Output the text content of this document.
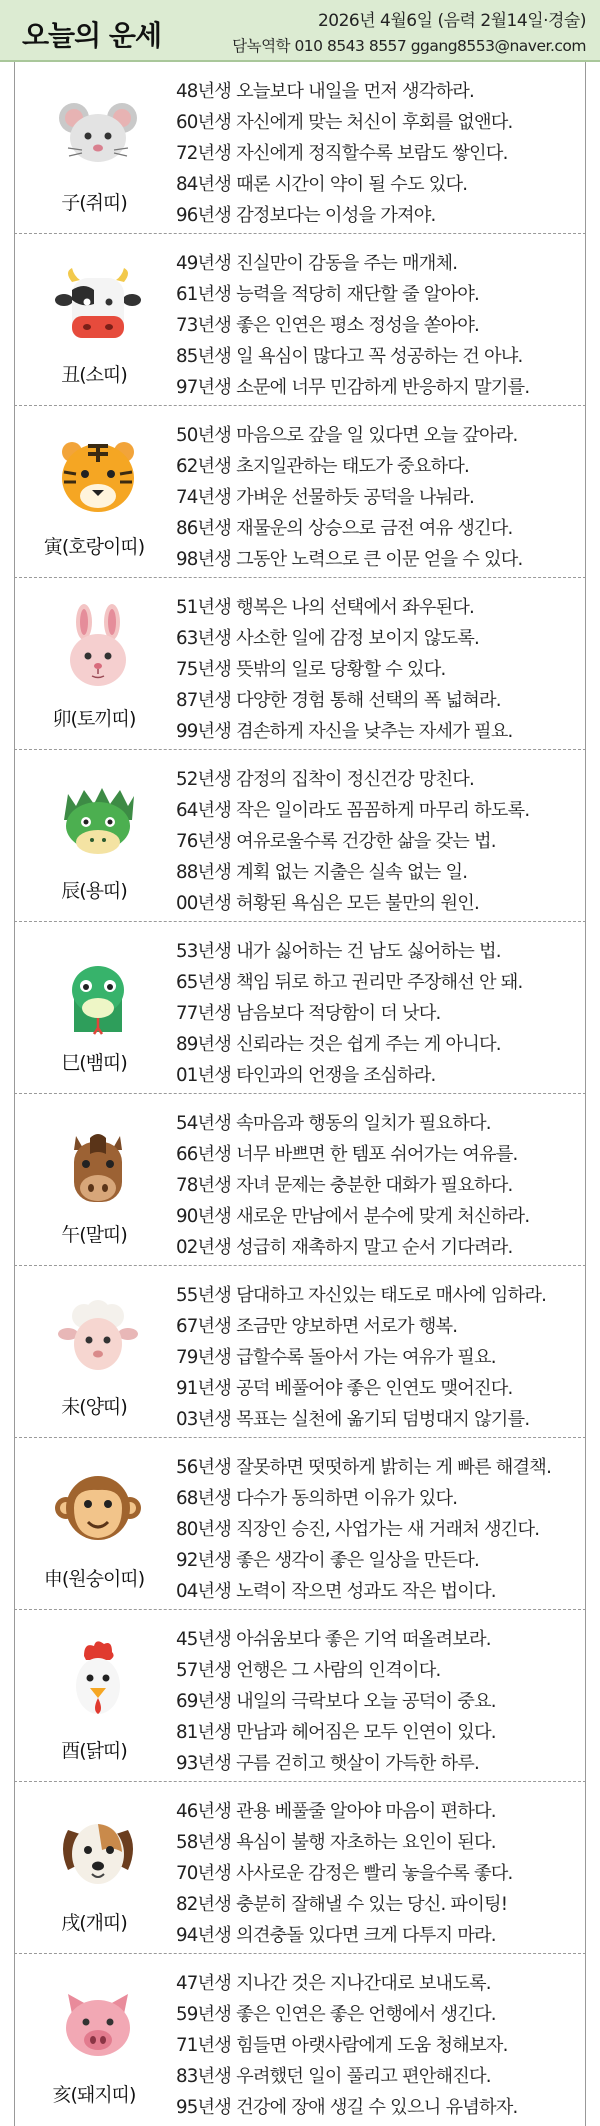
오늘의 운세	2026년 4월6일 (음력 2월14일·경술)
담녹역학 010 8543 8557 ggang8553@naver.com
子(쥐띠)
48년생 오늘보다 내일을 먼저 생각하라.
60년생 자신에게 맞는 처신이 후회를 없앤다.
72년생 자신에게 정직할수록 보람도 쌓인다.
84년생 때론 시간이 약이 될 수도 있다.
96년생 감정보다는 이성을 가져야.
丑(소띠)
49년생 진실만이 감동을 주는 매개체.
61년생 능력을 적당히 재단할 줄 알아야.
73년생 좋은 인연은 평소 정성을 쏟아야.
85년생 일 욕심이 많다고 꼭 성공하는 건 아냐.
97년생 소문에 너무 민감하게 반응하지 말기를.
寅(호랑이띠)
50년생 마음으로 갚을 일 있다면 오늘 갚아라.
62년생 초지일관하는 태도가 중요하다.
74년생 가벼운 선물하듯 공덕을 나눠라.
86년생 재물운의 상승으로 금전 여유 생긴다.
98년생 그동안 노력으로 큰 이문 얻을 수 있다.
卯(토끼띠)
51년생 행복은 나의 선택에서 좌우된다.
63년생 사소한 일에 감정 보이지 않도록.
75년생 뜻밖의 일로 당황할 수 있다.
87년생 다양한 경험 통해 선택의 폭 넓혀라.
99년생 겸손하게 자신을 낮추는 자세가 필요.
辰(용띠)
52년생 감정의 집착이 정신건강 망친다.
64년생 작은 일이라도 꼼꼼하게 마무리 하도록.
76년생 여유로울수록 건강한 삶을 갖는 법.
88년생 계획 없는 지출은 실속 없는 일.
00년생 허황된 욕심은 모든 불만의 원인.
巳(뱀띠)
53년생 내가 싫어하는 건 남도 싫어하는 법.
65년생 책임 뒤로 하고 권리만 주장해선 안 돼.
77년생 남음보다 적당함이 더 낫다.
89년생 신뢰라는 것은 쉽게 주는 게 아니다.
01년생 타인과의 언쟁을 조심하라.
午(말띠)
54년생 속마음과 행동의 일치가 필요하다.
66년생 너무 바쁘면 한 템포 쉬어가는 여유를.
78년생 자녀 문제는 충분한 대화가 필요하다.
90년생 새로운 만남에서 분수에 맞게 처신하라.
02년생 성급히 재촉하지 말고 순서 기다려라.
未(양띠)
55년생 담대하고 자신있는 태도로 매사에 임하라.
67년생 조금만 양보하면 서로가 행복.
79년생 급할수록 돌아서 가는 여유가 필요.
91년생 공덕 베풀어야 좋은 인연도 맺어진다.
03년생 목표는 실천에 옮기되 덤벙대지 않기를.
申(원숭이띠)
56년생 잘못하면 떳떳하게 밝히는 게 빠른 해결책.
68년생 다수가 동의하면 이유가 있다.
80년생 직장인 승진, 사업가는 새 거래처 생긴다.
92년생 좋은 생각이 좋은 일상을 만든다.
04년생 노력이 작으면 성과도 작은 법이다.
酉(닭띠)
45년생 아쉬움보다 좋은 기억 떠올려보라.
57년생 언행은 그 사람의 인격이다.
69년생 내일의 극락보다 오늘 공덕이 중요.
81년생 만남과 헤어짐은 모두 인연이 있다.
93년생 구름 걷히고 햇살이 가득한 하루.
戌(개띠)
46년생 관용 베풀줄 알아야 마음이 편하다.
58년생 욕심이 불행 자초하는 요인이 된다.
70년생 사사로운 감정은 빨리 놓을수록 좋다.
82년생 충분히 잘해낼 수 있는 당신. 파이팅!
94년생 의견충돌 있다면 크게 다투지 마라.
亥(돼지띠)
47년생 지나간 것은 지나간대로 보내도록.
59년생 좋은 인연은 좋은 언행에서 생긴다.
71년생 힘들면 아랫사람에게 도움 청해보자.
83년생 우려했던 일이 풀리고 편안해진다.
95년생 건강에 장애 생길 수 있으니 유념하자.
